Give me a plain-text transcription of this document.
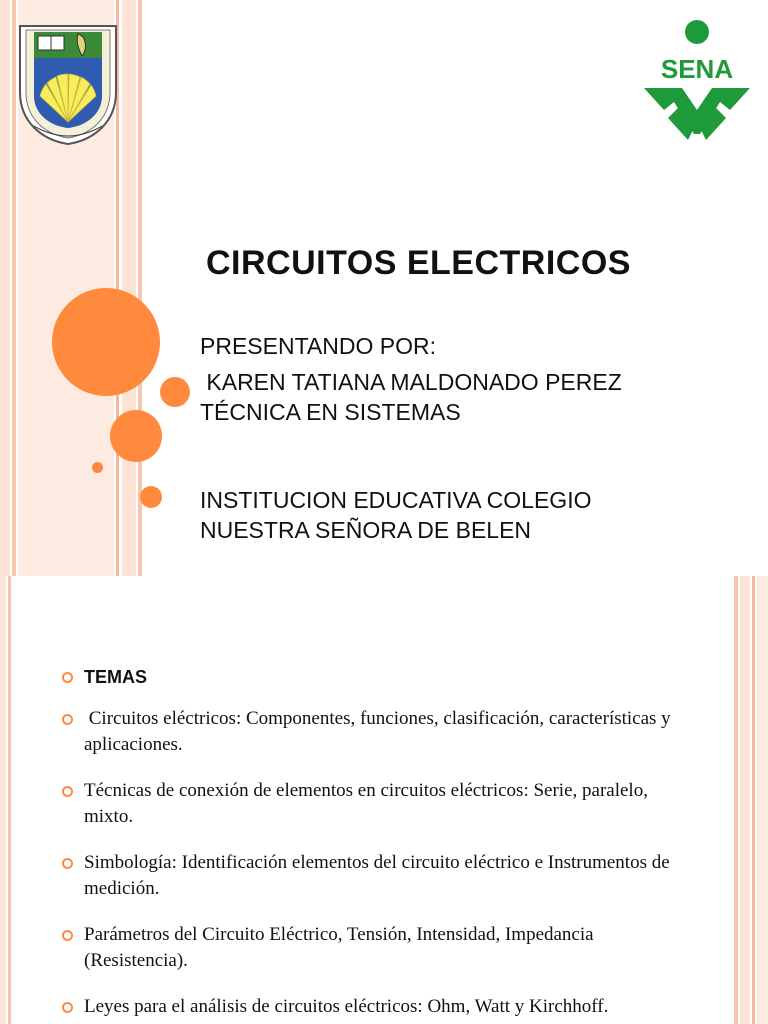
SENA
CIRCUITOS ELECTRICOS
PRESENTANDO POR:
KAREN TATIANA MALDONADO PEREZ
TÉCNICA EN SISTEMAS
INSTITUCION EDUCATIVA COLEGIO
NUESTRA SEÑORA DE BELEN
TEMAS
Circuitos eléctricos: Componentes, funciones, clasificación, características y aplicaciones.
Técnicas de conexión de elementos en circuitos eléctricos: Serie, paralelo, mixto.
Simbología: Identificación elementos del circuito eléctrico e Instrumentos de medición.
Parámetros del Circuito Eléctrico, Tensión, Intensidad, Impedancia (Resistencia).
Leyes para el análisis de circuitos eléctricos: Ohm, Watt y Kirchhoff.
